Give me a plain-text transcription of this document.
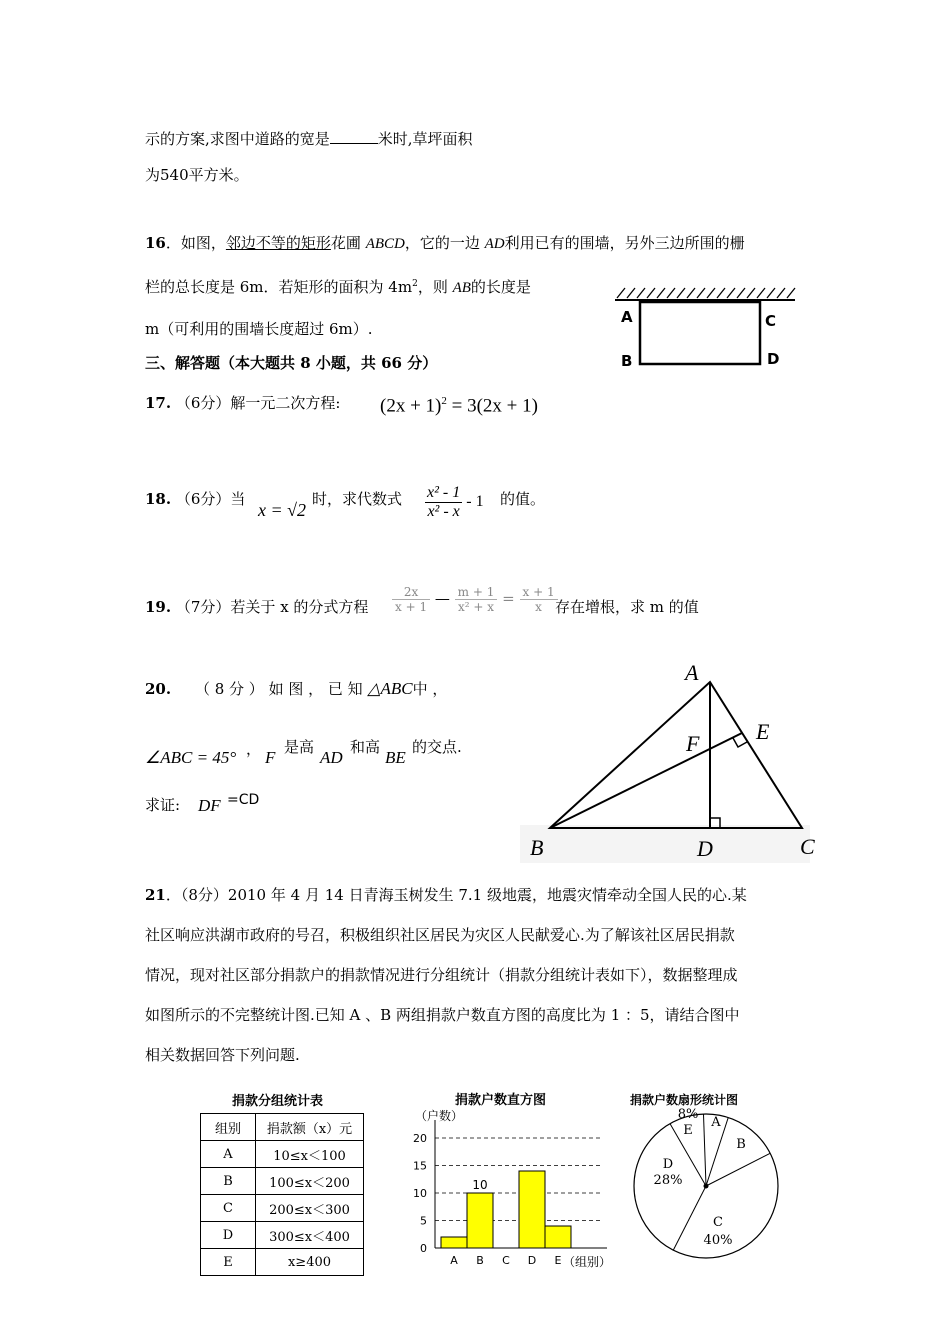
示的方案,求图中道路的宽是	米时,草坪面积
为540平方米。
16．如图，邻边不等的矩形花圃 ABCD，它的一边 AD利用已有的围墙，另外三边所围的栅
栏的总长度是 6m．若矩形的面积为 $4m^2$，则 AB的长度是
m（可利用的围墙长度超过 6m）.
A	C
B	D
三、解答题（本大题共 8 小题，共 66 分）
17. （6分）解一元二次方程: $(2x + 1)^2 = 3(2x + 1)$
18. （6分）当
x = √2
时，求代数式 $\frac{\text{x² - 1}}{\text{x² - x}} - 1$ 的值。
19. （7分）若关于 x 的分式方程 $\frac{2x}{x + 1}$ — $\frac{m + 1}{\text{x² + x}} = \frac{x + 1}{x}$
存在增根，求 m 的值
20. （ 8 分 ） 如 图 ， 已 知 △ABC中 ，
∠ABC = 45° ， F
是高
AD
和高
BE
的交点.
求证: DF =CD
A
E
F
B	D	C
21．（8分）2010 年 4 月 14 日青海玉树发生 7.1 级地震，地震灾情牵动全国人民的心.某
社区响应洪湖市政府的号召，积极组织社区居民为灾区人民献爱心.为了解该社区居民捐款
情况，现对社区部分捐款户的捐款情况进行分组统计（捐款分组统计表如下），数据整理成
如图所示的不完整统计图.已知 A 、B 两组捐款户数直方图的高度比为 1 ：5，请结合图中
相关数据回答下列问题.
捐款分组统计表
组别	捐款额（x）元
A	10≤x＜100
B	100≤x＜200
C	200≤x＜300
D	300≤x＜400
E	x≥400
捐款户数直方图
（户数）
（组别）
0
5
10
15
20
A B C D E
10
捐款户数扇形统计图
A
B
C
40%
D
28%
E
8%
